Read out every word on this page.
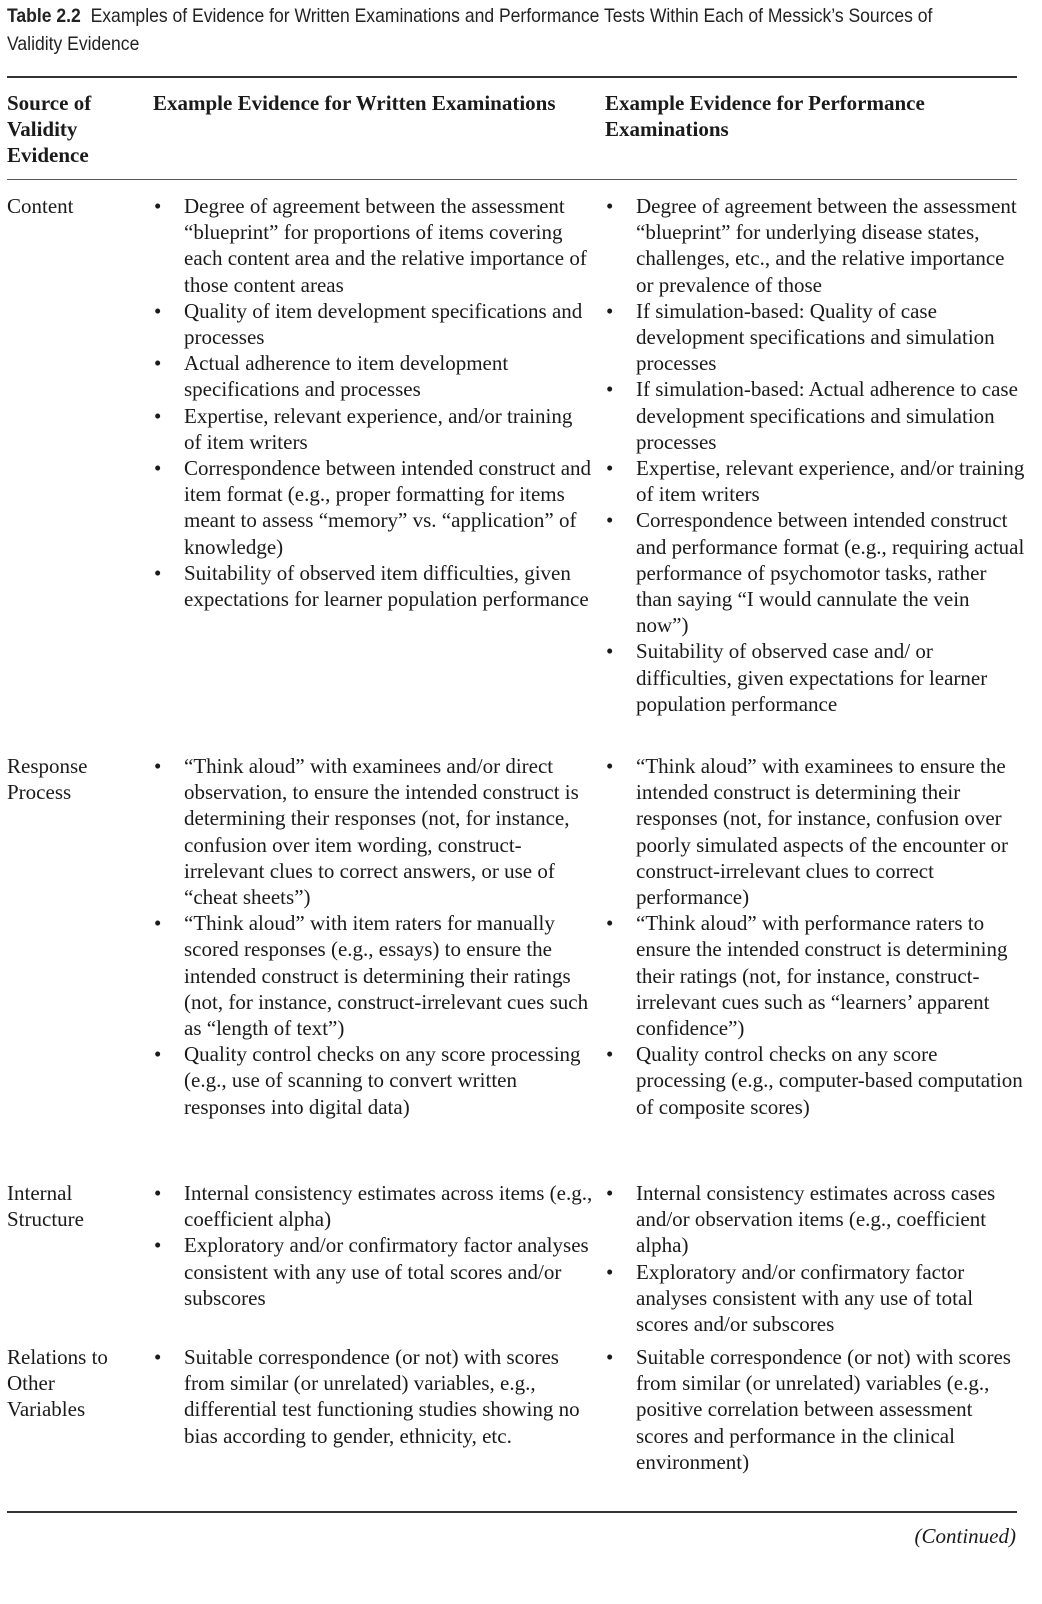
Table 2.2 Examples of Evidence for Written Examinations and Performance Tests Within Each of Messick’s Sources of
Validity Evidence
Source of Validity Evidence
Example Evidence for Written Examinations	Example Evidence for Performance Examinations
Content	• Degree of agreement between the assessment “blueprint” for proportions of items covering each content area and the relative importance of those content areas
• Quality of item development specifications and processes
• Actual adherence to item development specifications and processes
• Expertise, relevant experience, and/or training of item writers
• Correspondence between intended construct and item format (e.g., proper formatting for items meant to assess “memory” vs. “application” of knowledge)
• Suitability of observed item difficulties, given expectations for learner population performance
• Degree of agreement between the assessment “blueprint” for underlying disease states, challenges, etc., and the relative importance or prevalence of those
• If simulation-based: Quality of case development specifications and simulation processes
• If simulation-based: Actual adherence to case development specifications and simulation processes
• Expertise, relevant experience, and/or training of item writers
• Correspondence between intended construct and performance format (e.g., requiring actual performance of psychomotor tasks, rather than saying “I would cannulate the vein now”)
• Suitability of observed case and/ or difficulties, given expectations for learner population performance
Response Process
• “Think aloud” with examinees and/or direct observation, to ensure the intended construct is determining their responses (not, for instance, confusion over item wording, construct-irrelevant clues to correct answers, or use of “cheat sheets”)
• “Think aloud” with item raters for manually scored responses (e.g., essays) to ensure the intended construct is determining their ratings (not, for instance, construct-irrelevant cues such as “length of text”)
• Quality control checks on any score processing (e.g., use of scanning to convert written responses into digital data)
• “Think aloud” with examinees to ensure the intended construct is determining their responses (not, for instance, confusion over poorly simulated aspects of the encounter or construct-irrelevant clues to correct performance)
• “Think aloud” with performance raters to ensure the intended construct is determining their ratings (not, for instance, construct-irrelevant cues such as “learners’ apparent confidence”)
• Quality control checks on any score processing (e.g., computer-based computation of composite scores)
Internal Structure
• Internal consistency estimates across items (e.g., coefficient alpha)
• Exploratory and/or confirmatory factor analyses consistent with any use of total scores and/or subscores
• Internal consistency estimates across cases and/or observation items (e.g., coefficient alpha)
• Exploratory and/or confirmatory factor analyses consistent with any use of total scores and/or subscores
Relations to Other Variables
• Suitable correspondence (or not) with scores from similar (or unrelated) variables, e.g., differential test functioning studies showing no bias according to gender, ethnicity, etc.
• Suitable correspondence (or not) with scores from similar (or unrelated) variables (e.g., positive correlation between assessment scores and performance in the clinical environment)
(Continued)
